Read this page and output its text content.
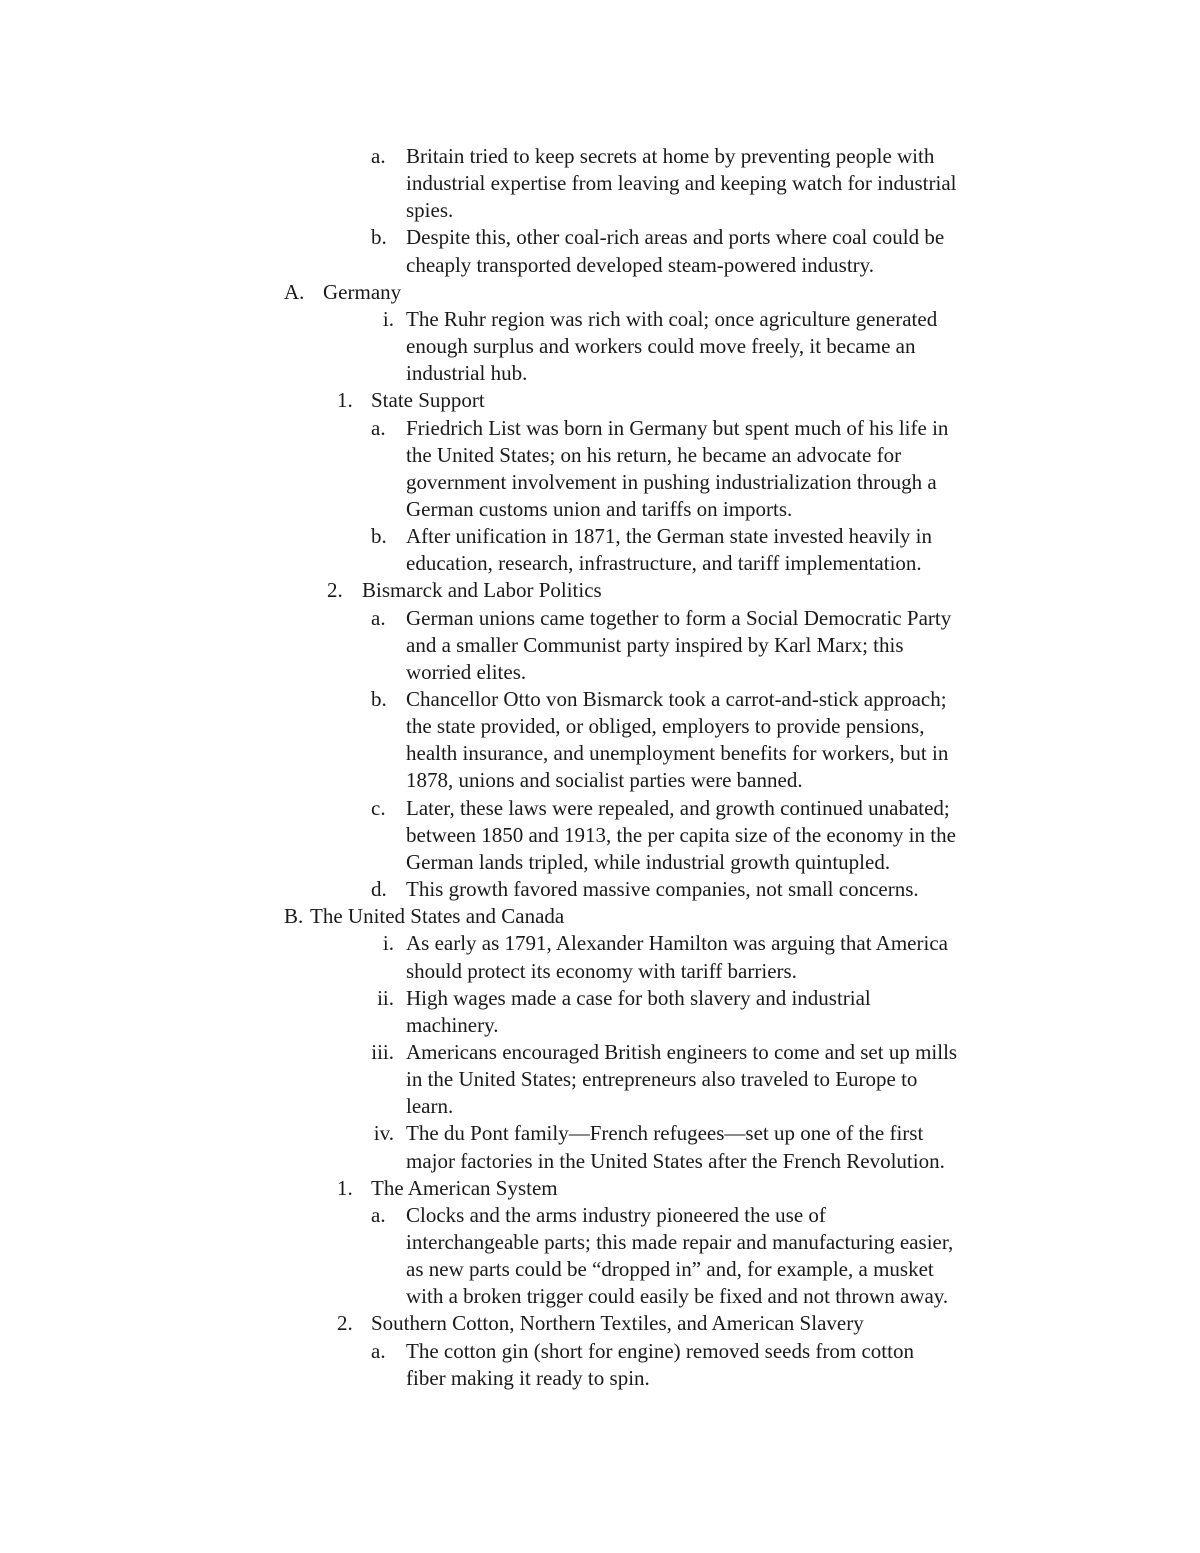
a. Britain tried to keep secrets at home by preventing people with
industrial expertise from leaving and keeping watch for industrial
spies.
b. Despite this, other coal-rich areas and ports where coal could be
cheaply transported developed steam-powered industry.
A. Germany
i. The Ruhr region was rich with coal; once agriculture generated
enough surplus and workers could move freely, it became an
industrial hub.
1. State Support
a. Friedrich List was born in Germany but spent much of his life in
the United States; on his return, he became an advocate for
government involvement in pushing industrialization through a
German customs union and tariffs on imports.
b. After unification in 1871, the German state invested heavily in
education, research, infrastructure, and tariff implementation.
2. Bismarck and Labor Politics
a. German unions came together to form a Social Democratic Party
and a smaller Communist party inspired by Karl Marx; this
worried elites.
b. Chancellor Otto von Bismarck took a carrot-and-stick approach;
the state provided, or obliged, employers to provide pensions,
health insurance, and unemployment benefits for workers, but in
1878, unions and socialist parties were banned.
c. Later, these laws were repealed, and growth continued unabated;
between 1850 and 1913, the per capita size of the economy in the
German lands tripled, while industrial growth quintupled.
d. This growth favored massive companies, not small concerns.
B. The United States and Canada
i. As early as 1791, Alexander Hamilton was arguing that America
should protect its economy with tariff barriers.
ii. High wages made a case for both slavery and industrial
machinery.
iii. Americans encouraged British engineers to come and set up mills
in the United States; entrepreneurs also traveled to Europe to
learn.
iv. The du Pont family—French refugees—set up one of the first
major factories in the United States after the French Revolution.
1. The American System
a. Clocks and the arms industry pioneered the use of
interchangeable parts; this made repair and manufacturing easier,
as new parts could be “dropped in” and, for example, a musket
with a broken trigger could easily be fixed and not thrown away.
2. Southern Cotton, Northern Textiles, and American Slavery
a. The cotton gin (short for engine) removed seeds from cotton
fiber making it ready to spin.
